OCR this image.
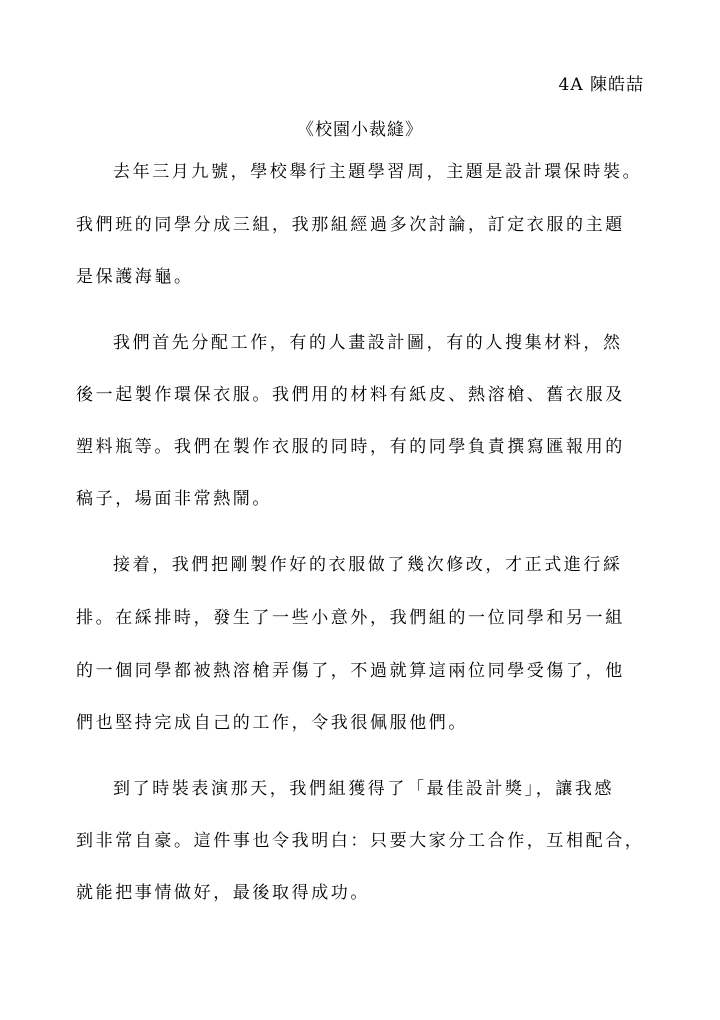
4A 陳皓喆
《校園小裁縫》
去年三月九號，學校舉行主題學習周，主題是設計環保時裝。
我們班的同學分成三組，我那組經過多次討論，訂定衣服的主題
是保護海龜。
我們首先分配工作，有的人畫設計圖，有的人搜集材料，然
後一起製作環保衣服。我們用的材料有紙皮、熱溶槍、舊衣服及
塑料瓶等。我們在製作衣服的同時，有的同學負責撰寫匯報用的
稿子，場面非常熱鬧。
接着，我們把剛製作好的衣服做了幾次修改，才正式進行綵
排。在綵排時，發生了一些小意外，我們組的一位同學和另一組
的一個同學都被熱溶槍弄傷了，不過就算這兩位同學受傷了，他
們也堅持完成自己的工作，令我很佩服他們。
到了時裝表演那天，我們組獲得了「最佳設計獎」，讓我感
到非常自豪。這件事也令我明白：只要大家分工合作，互相配合，
就能把事情做好，最後取得成功。
